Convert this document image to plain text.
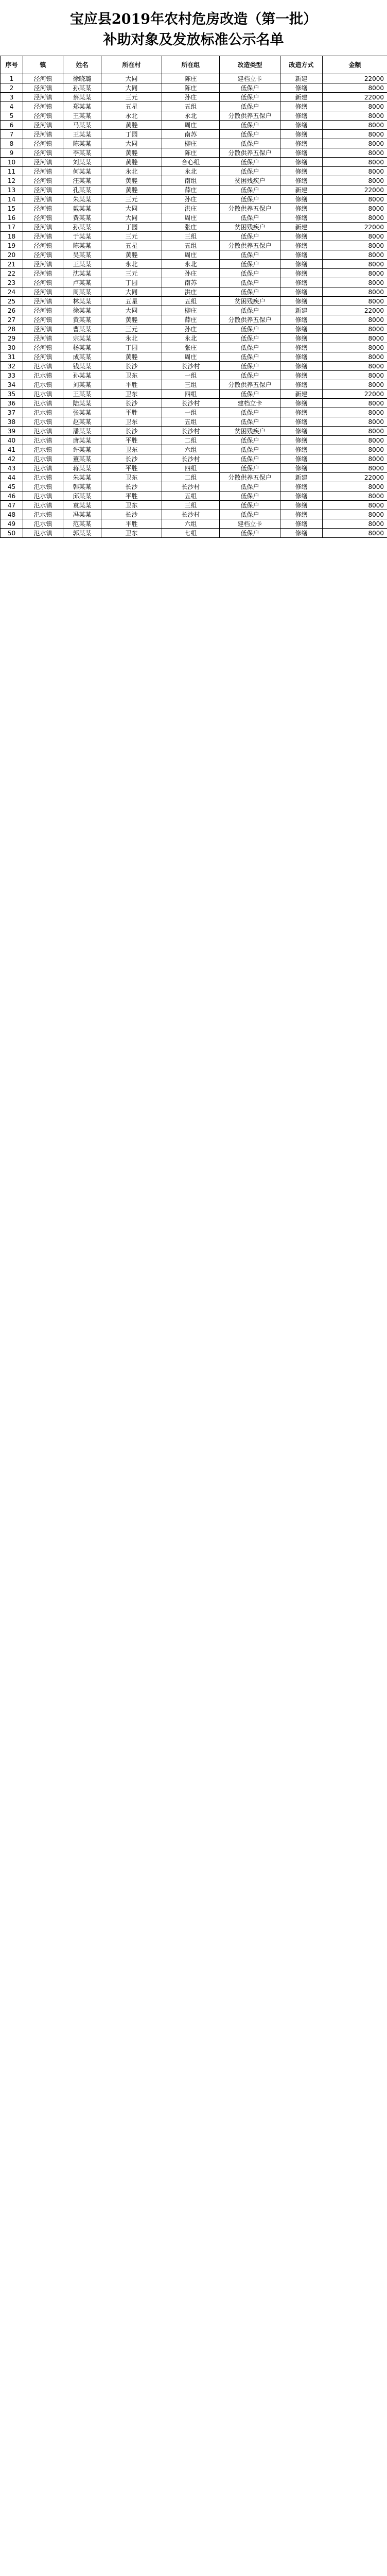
宝应县2019年农村危房改造（第一批）
补助对象及发放标准公示名单
序号	镇	姓名	所在村	所在组	改造类型	改造方式	金额
1	泾河镇	徐晓璐	大同	陈庄	建档立卡	新建	22000
2	泾河镇	孙某某	大同	陈庄	低保户	修缮	8000
3	泾河镇	蔡某某	三元	孙庄	低保户	新建	22000
4	泾河镇	郑某某	五星	五组	低保户	修缮	8000
5	泾河镇	王某某	永北	永北	分散供养五保户	修缮	8000
6	泾河镇	马某某	黄塍	周庄	低保户	修缮	8000
7	泾河镇	王某某	丁园	南苏	低保户	修缮	8000
8	泾河镇	陈某某	大同	柳庄	低保户	修缮	8000
9	泾河镇	李某某	黄塍	陈庄	分散供养五保户	修缮	8000
10	泾河镇	刘某某	黄塍	合心组	低保户	修缮	8000
11	泾河镇	何某某	永北	永北	低保户	修缮	8000
12	泾河镇	汪某某	黄塍	南组	贫困残疾户	修缮	8000
13	泾河镇	孔某某	黄塍	薛庄	低保户	新建	22000
14	泾河镇	朱某某	三元	孙庄	低保户	修缮	8000
15	泾河镇	戴某某	大同	洪庄	分散供养五保户	修缮	8000
16	泾河镇	费某某	大同	周庄	低保户	修缮	8000
17	泾河镇	孙某某	丁园	张庄	贫困残疾户	新建	22000
18	泾河镇	于某某	三元	三组	低保户	修缮	8000
19	泾河镇	陈某某	五星	五组	分散供养五保户	修缮	8000
20	泾河镇	吴某某	黄塍	周庄	低保户	修缮	8000
21	泾河镇	王某某	永北	永北	低保户	修缮	8000
22	泾河镇	沈某某	三元	孙庄	低保户	修缮	8000
23	泾河镇	卢某某	丁园	南苏	低保户	修缮	8000
24	泾河镇	周某某	大同	洪庄	低保户	修缮	8000
25	泾河镇	林某某	五星	五组	贫困残疾户	修缮	8000
26	泾河镇	徐某某	大同	柳庄	低保户	新建	22000
27	泾河镇	黄某某	黄塍	薛庄	分散供养五保户	修缮	8000
28	泾河镇	曹某某	三元	孙庄	低保户	修缮	8000
29	泾河镇	宗某某	永北	永北	低保户	修缮	8000
30	泾河镇	杨某某	丁园	张庄	低保户	修缮	8000
31	泾河镇	成某某	黄塍	周庄	低保户	修缮	8000
32	氾水镇	钱某某	长沙	长沙村	低保户	修缮	8000
33	氾水镇	孙某某	卫东	一组	低保户	修缮	8000
34	氾水镇	刘某某	平胜	三组	分散供养五保户	修缮	8000
35	氾水镇	王某某	卫东	四组	低保户	新建	22000
36	氾水镇	陆某某	长沙	长沙村	建档立卡	修缮	8000
37	氾水镇	张某某	平胜	一组	低保户	修缮	8000
38	氾水镇	赵某某	卫东	五组	低保户	修缮	8000
39	氾水镇	潘某某	长沙	长沙村	贫困残疾户	修缮	8000
40	氾水镇	唐某某	平胜	二组	低保户	修缮	8000
41	氾水镇	许某某	卫东	六组	低保户	修缮	8000
42	氾水镇	董某某	长沙	长沙村	低保户	修缮	8000
43	氾水镇	蒋某某	平胜	四组	低保户	修缮	8000
44	氾水镇	朱某某	卫东	二组	分散供养五保户	新建	22000
45	氾水镇	韩某某	长沙	长沙村	低保户	修缮	8000
46	氾水镇	邱某某	平胜	五组	低保户	修缮	8000
47	氾水镇	袁某某	卫东	三组	低保户	修缮	8000
48	氾水镇	冯某某	长沙	长沙村	低保户	修缮	8000
49	氾水镇	范某某	平胜	六组	建档立卡	修缮	8000
50	氾水镇	郭某某	卫东	七组	低保户	修缮	8000
